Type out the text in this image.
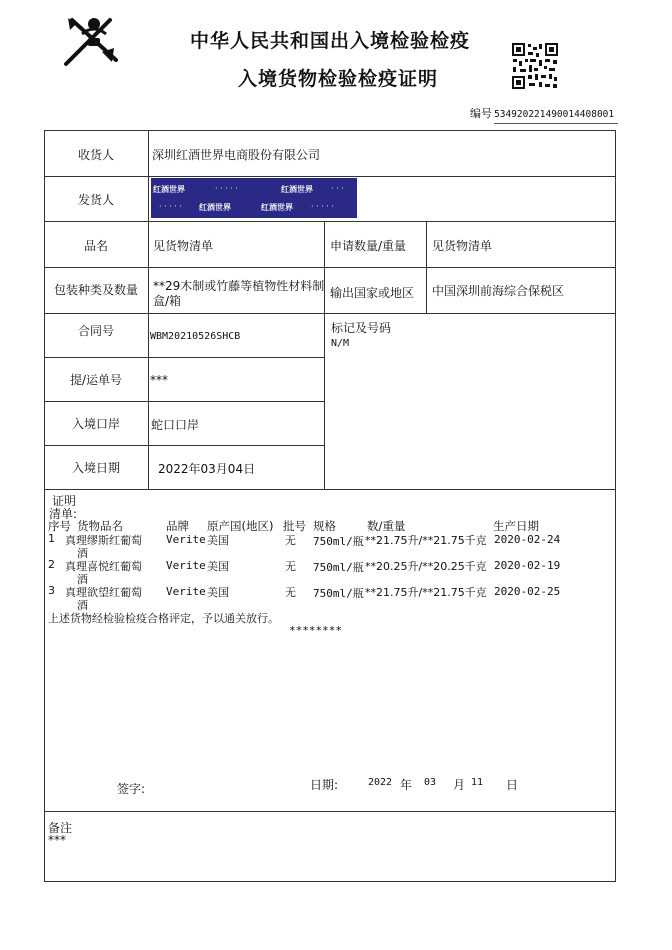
中华人民共和国出入境检验检疫
入境货物检验检疫证明
编号 534920221490014408001
收货人	深圳红酒世界电商股份有限公司
发货人
红酒世界	· · · · ·	红酒世界 · · ·
· · · · · 红酒世界	红酒世界 · · · · ·
品名	见货物清单	申请数量/重量 见货物清单
包装种类及数量	**29木制或竹藤等植物性材料制
盒/箱
输出国家或地区 中国深圳前海综合保税区
合同号	WBM20210526SHCB
标记及号码
N/M
提/运单号	***
入境口岸	蛇口口岸
入境日期	2022年03月04日
证明
清单:
序号 货物品名	品牌 原产国(地区) 批号 规格	数/重量	生产日期
1 真理缪斯红葡萄
酒
Verite 美国	无 750ml/瓶 **21.75升/**21.75千克 2020-02-24
2 真理喜悦红葡萄
酒
Verite 美国	无 750ml/瓶 **20.25升/**20.25千克 2020-02-19
3 真理欲望红葡萄
酒
Verite 美国	无 750ml/瓶 **21.75升/**21.75千克 2020-02-25
上述货物经检验检疫合格评定，予以通关放行。
********
签字:	日期:	2022 年 03 月 11 日
备注
***
